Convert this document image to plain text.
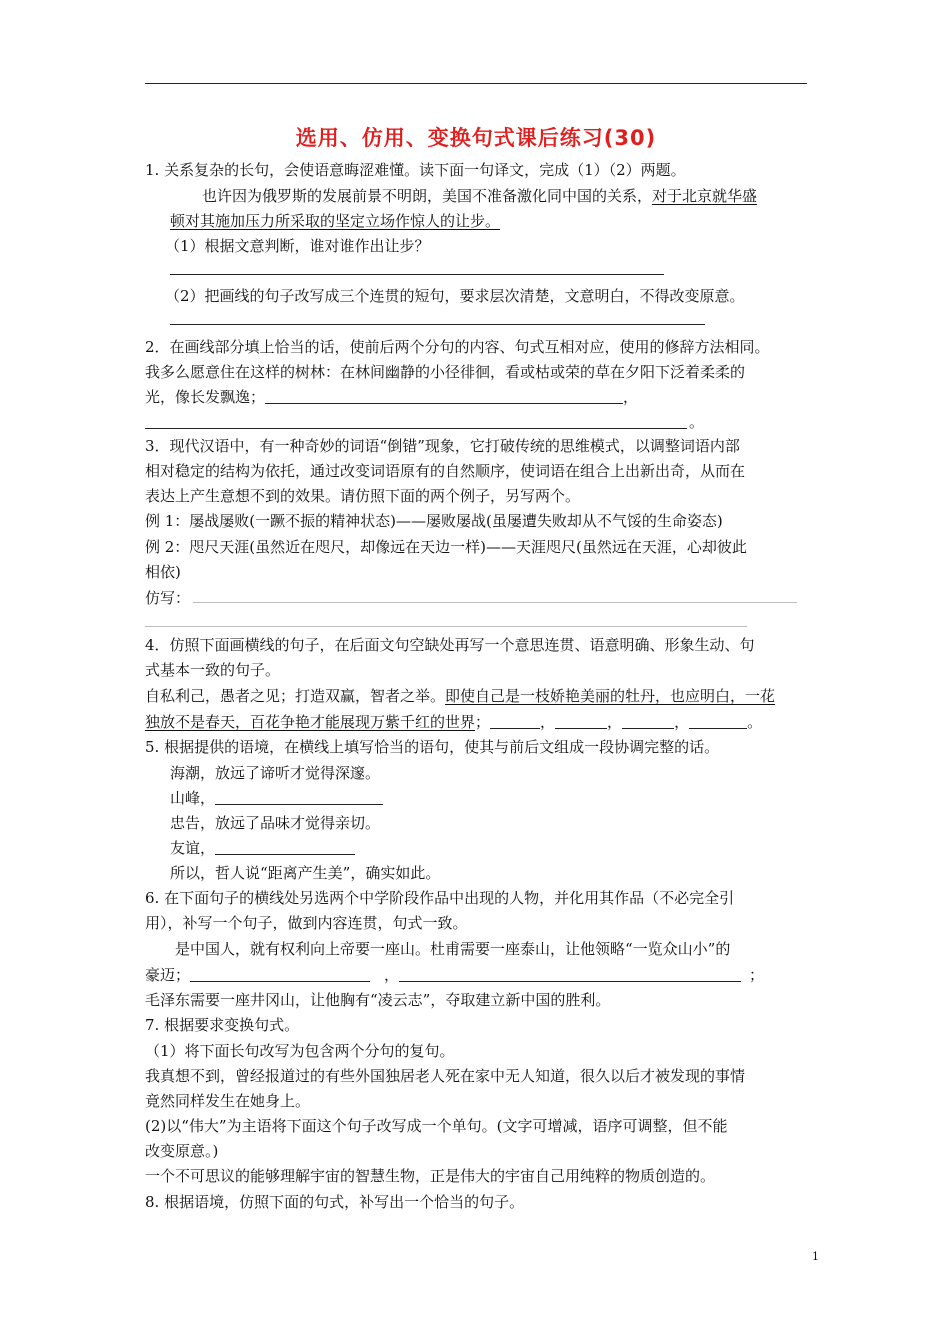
选用、仿用、变换句式课后练习(30)
1. 关系复杂的长句，会使语意晦涩难懂。读下面一句译文，完成（1）（2）两题。
也许因为俄罗斯的发展前景不明朗，美国不准备激化同中国的关系，对于北京就华盛
顿对其施加压力所采取的坚定立场作惊人的让步。
（1）根据文意判断，谁对谁作出让步？
（2）把画线的句子改写成三个连贯的短句，要求层次清楚，文意明白，不得改变原意。
2．在画线部分填上恰当的话，使前后两个分句的内容、句式互相对应，使用的修辞方法相同。
我多么愿意住在这样的树林：在林间幽静的小径徘徊，看或枯或荣的草在夕阳下泛着柔柔的
光，像长发飘逸；	，
。
3．现代汉语中，有一种奇妙的词语“倒错”现象，它打破传统的思维模式，以调整词语内部
相对稳定的结构为依托，通过改变词语原有的自然顺序，使词语在组合上出新出奇，从而在
表达上产生意想不到的效果。请仿照下面的两个例子，另写两个。
例 1：屡战屡败(一蹶不振的精神状态)——屡败屡战(虽屡遭失败却从不气馁的生命姿态)
例 2：咫尺天涯(虽然近在咫尺，却像远在天边一样)——天涯咫尺(虽然远在天涯，心却彼此
相依)
仿写：
4．仿照下面画横线的句子，在后面文句空缺处再写一个意思连贯、语意明确、形象生动、句
式基本一致的句子。
自私利己，愚者之见；打造双赢，智者之举。即使自己是一枝娇艳美丽的牡丹，也应明白，一花
独放不是春天，百花争艳才能展现万紫千红的世界；	，	，	，	。
5. 根据提供的语境，在横线上填写恰当的语句，使其与前后文组成一段协调完整的话。
海潮，放远了谛听才觉得深邃。
山峰，
忠告，放远了品味才觉得亲切。
友谊，
所以，哲人说“距离产生美”，确实如此。
6. 在下面句子的横线处另选两个中学阶段作品中出现的人物，并化用其作品（不必完全引
用），补写一个句子，做到内容连贯，句式一致。
是中国人，就有权利向上帝要一座山。杜甫需要一座泰山，让他领略“一览众山小”的
豪迈；	，	；
毛泽东需要一座井冈山，让他胸有“凌云志”，夺取建立新中国的胜利。
7. 根据要求变换句式。
（1）将下面长句改写为包含两个分句的复句。
我真想不到，曾经报道过的有些外国独居老人死在家中无人知道，很久以后才被发现的事情
竟然同样发生在她身上。
(2)以“伟大”为主语将下面这个句子改写成一个单句。(文字可增减，语序可调整，但不能
改变原意。)
一个不可思议的能够理解宇宙的智慧生物，正是伟大的宇宙自己用纯粹的物质创造的。
8. 根据语境，仿照下面的句式，补写出一个恰当的句子。
1
